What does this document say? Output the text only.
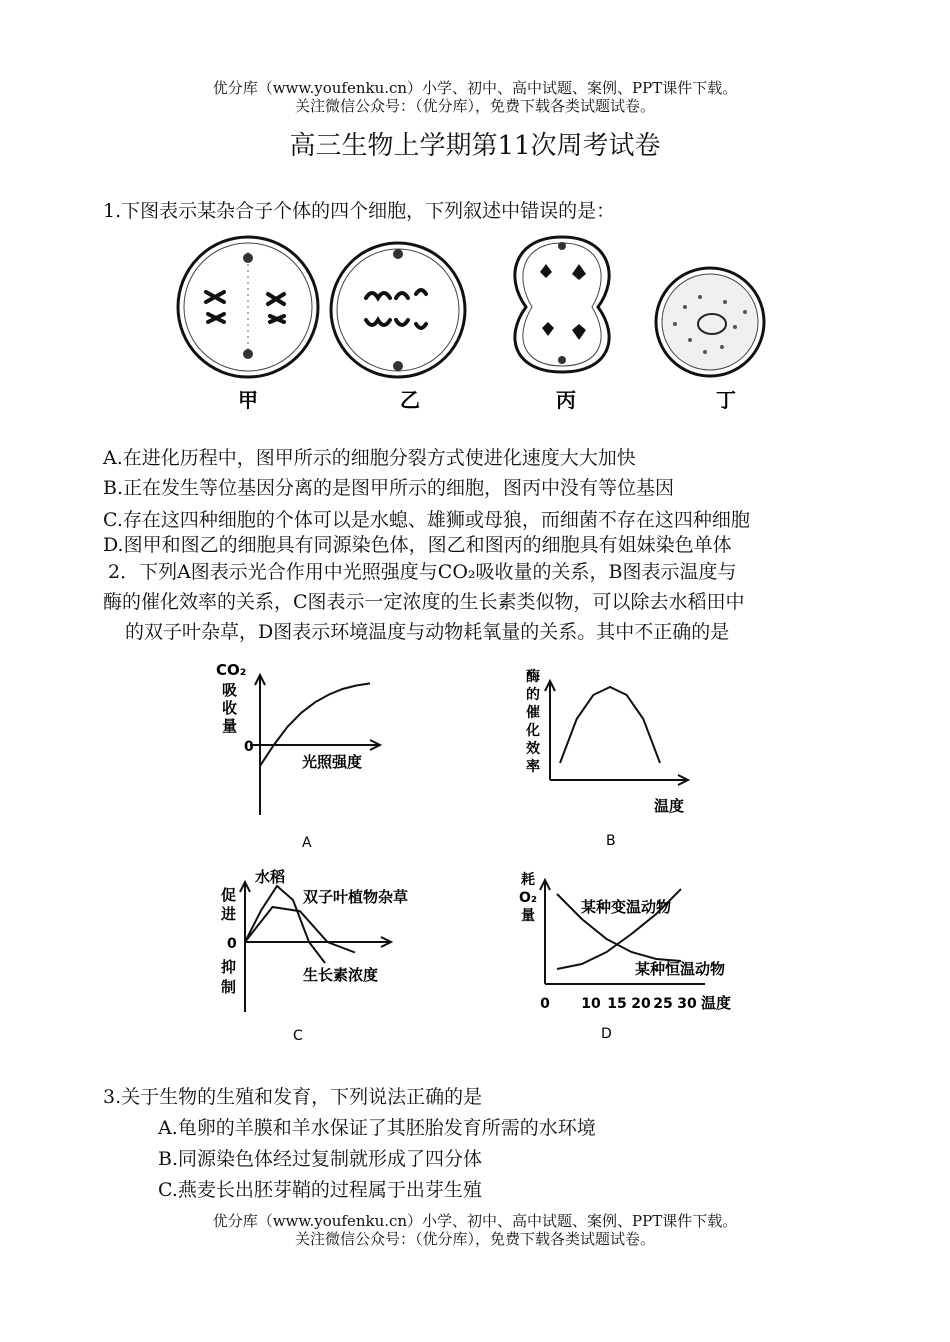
优分库（www.youfenku.cn）小学、初中、高中试题、案例、PPT课件下载。
关注微信公众号：（优分库），免费下载各类试题试卷。
高三生物上学期第11次周考试卷
1.下图表示某杂合子个体的四个细胞，下列叙述中错误的是：
甲	乙	丙	丁
A.在进化历程中，图甲所示的细胞分裂方式使进化速度大大加快
B.正在发生等位基因分离的是图甲所示的细胞，图丙中没有等位基因
C.存在这四种细胞的个体可以是水螅、雄狮或母狼，而细菌不存在这四种细胞
D.图甲和图乙的细胞具有同源染色体，图乙和图丙的细胞具有姐妹染色单体
2．下列A图表示光合作用中光照强度与CO₂吸收量的关系，B图表示温度与
酶的催化效率的关系，C图表示一定浓度的生长素类似物，可以除去水稻田中
的双子叶杂草，D图表示环境温度与动物耗氧量的关系。其中不正确的是
CO₂
吸
收
量
0
光照强度
A
酶
的
催
化
效
率
温度
B
促
进
抑
制
0
水稻
双子叶植物杂草
生长素浓度
C
耗
O₂
量	某种变温动物
某种恒温动物
0 10 15 20 25 30 温度
D
3.关于生物的生殖和发育，下列说法正确的是
A.龟卵的羊膜和羊水保证了其胚胎发育所需的水环境
B.同源染色体经过复制就形成了四分体
C.燕麦长出胚芽鞘的过程属于出芽生殖
优分库（www.youfenku.cn）小学、初中、高中试题、案例、PPT课件下载。
关注微信公众号：（优分库），免费下载各类试题试卷。
